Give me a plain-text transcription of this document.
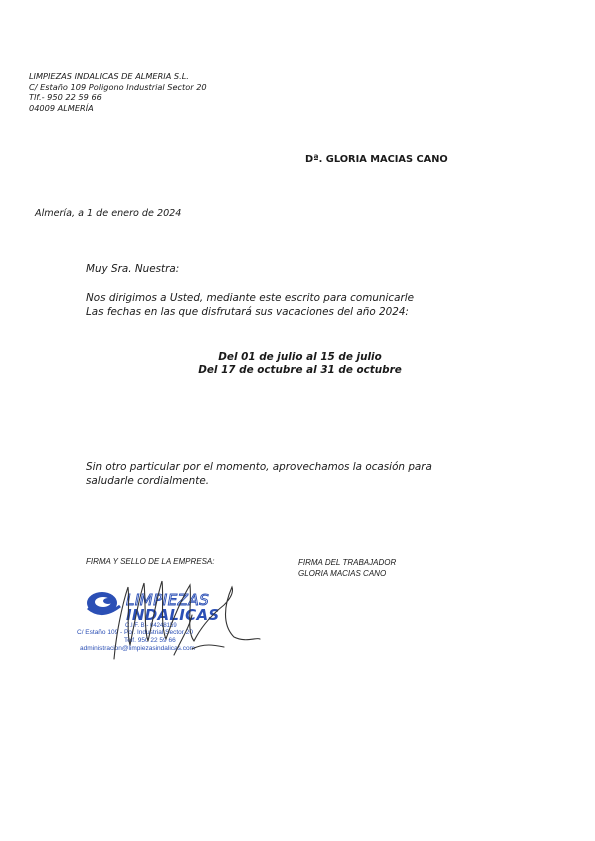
LIMPIEZAS INDALICAS DE ALMERIA S.L.
C/ Estaño 109 Poligono Industrial Sector 20
Tlf.- 950 22 59 66
04009 ALMERÍA
Dª. GLORIA MACIAS CANO
Almería, a 1 de enero de 2024
Muy Sra. Nuestra:
Nos dirigimos a Usted, mediante este escrito para comunicarle
Las fechas en las que disfrutará sus vacaciones del año 2024:
Del 01 de julio al 15 de julio
Del 17 de octubre al 31 de octubre
Sin otro particular por el momento, aprovechamos la ocasión para
saludarle cordialmente.
FIRMA Y SELLO DE LA EMPRESA:	FIRMA DEL TRABAJADOR
GLORIA MACIAS CANO
LIMPIEZAS
INDALICAS
C.I.F. B - 04248159
C/ Estaño 109 - Pol. Industrial Sector 20
Telf. 950 22 59 66
administracion@limpiezasindalicas.com
